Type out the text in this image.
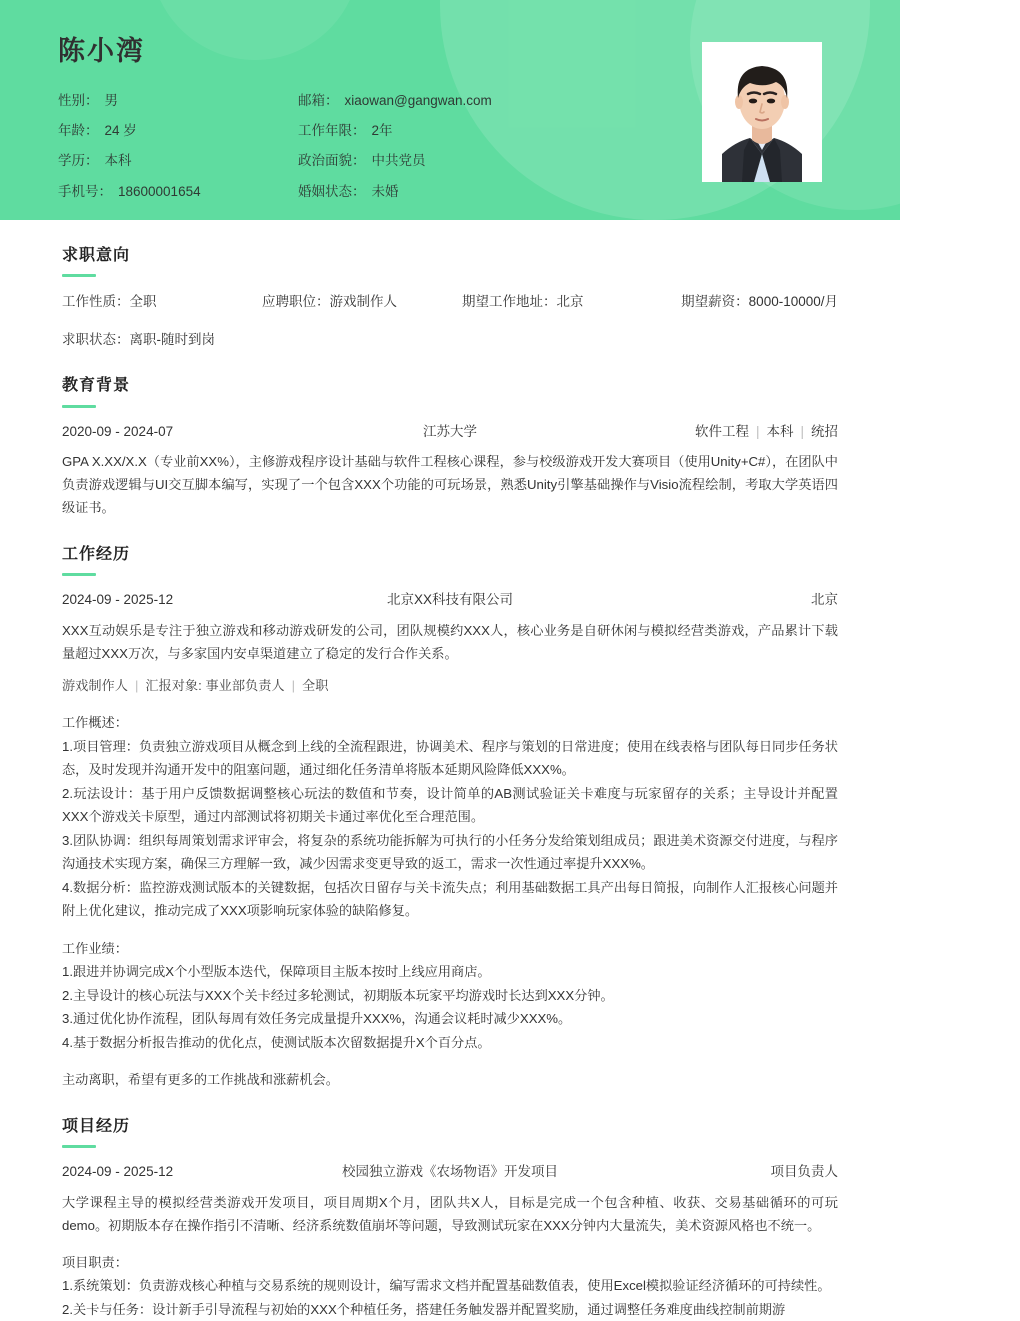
陈小湾
性别： 男	邮箱： xiaowan@gangwan.com
年龄： 24 岁	工作年限： 2年
学历： 本科	政治面貌： 中共党员
手机号： 18600001654	婚姻状态： 未婚
求职意向
工作性质：全职	应聘职位：游戏制作人	期望工作地址：北京	期望薪资：8000-10000/月
求职状态：离职-随时到岗
教育背景
2020-09 - 2024-07	江苏大学	软件工程 | 本科 | 统招
GPA X.XX/X.X（专业前XX%），主修游戏程序设计基础与软件工程核心课程，参与校级游戏开发大赛项目（使用Unity+C#），在团队中负责游戏逻辑与UI交互脚本编写，实现了一个包含XXX个功能的可玩场景，熟悉Unity引擎基础操作与Visio流程绘制，考取大学英语四级证书。
工作经历
2024-09 - 2025-12	北京XX科技有限公司	北京
XXX互动娱乐是专注于独立游戏和移动游戏研发的公司，团队规模约XXX人，核心业务是自研休闲与模拟经营类游戏，产品累计下载量超过XXX万次，与多家国内安卓渠道建立了稳定的发行合作关系。
游戏制作人 | 汇报对象: 事业部负责人 | 全职
工作概述：
1.项目管理：负责独立游戏项目从概念到上线的全流程跟进，协调美术、程序与策划的日常进度；使用在线表格与团队每日同步任务状态，及时发现并沟通开发中的阻塞问题，通过细化任务清单将版本延期风险降低XXX%。
2.玩法设计：基于用户反馈数据调整核心玩法的数值和节奏，设计简单的AB测试验证关卡难度与玩家留存的关系；主导设计并配置XXX个游戏关卡原型，通过内部测试将初期关卡通过率优化至合理范围。
3.团队协调：组织每周策划需求评审会，将复杂的系统功能拆解为可执行的小任务分发给策划组成员；跟进美术资源交付进度，与程序沟通技术实现方案，确保三方理解一致，减少因需求变更导致的返工，需求一次性通过率提升XXX%。
4.数据分析：监控游戏测试版本的关键数据，包括次日留存与关卡流失点；利用基础数据工具产出每日简报，向制作人汇报核心问题并附上优化建议，推动完成了XXX项影响玩家体验的缺陷修复。
工作业绩：
1.跟进并协调完成X个小型版本迭代，保障项目主版本按时上线应用商店。
2.主导设计的核心玩法与XXX个关卡经过多轮测试，初期版本玩家平均游戏时长达到XXX分钟。
3.通过优化协作流程，团队每周有效任务完成量提升XXX%，沟通会议耗时减少XXX%。
4.基于数据分析报告推动的优化点，使测试版本次留数据提升X个百分点。
主动离职，希望有更多的工作挑战和涨薪机会。
项目经历
2024-09 - 2025-12	校园独立游戏《农场物语》开发项目	项目负责人
大学课程主导的模拟经营类游戏开发项目，项目周期X个月，团队共X人，目标是完成一个包含种植、收获、交易基础循环的可玩demo。初期版本存在操作指引不清晰、经济系统数值崩坏等问题，导致测试玩家在XXX分钟内大量流失，美术资源风格也不统一。
项目职责：
1.系统策划：负责游戏核心种植与交易系统的规则设计，编写需求文档并配置基础数值表，使用Excel模拟验证经济循环的可持续性。
2.关卡与任务：设计新手引导流程与初始的XXX个种植任务，搭建任务触发器并配置奖励，通过调整任务难度曲线控制前期游
